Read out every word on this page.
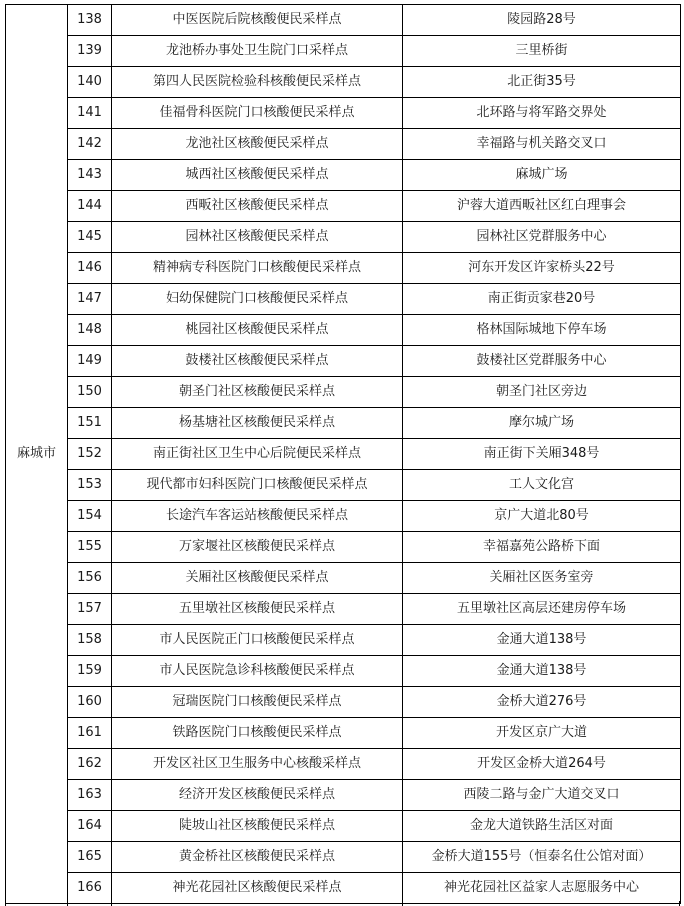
麻城市	138	中医医院后院核酸便民采样点	陵园路28号
	139	龙池桥办事处卫生院门口采样点	三里桥街
	140	第四人民医院检验科核酸便民采样点	北正街35号
	141	佳福骨科医院门口核酸便民采样点	北环路与将军路交界处
	142	龙池社区核酸便民采样点	幸福路与机关路交叉口
	143	城西社区核酸便民采样点	麻城广场
	144	西畈社区核酸便民采样点	沪蓉大道西畈社区红白理事会
	145	园林社区核酸便民采样点	园林社区党群服务中心
	146	精神病专科医院门口核酸便民采样点	河东开发区许家桥头22号
	147	妇幼保健院门口核酸便民采样点	南正街贡家巷20号
	148	桃园社区核酸便民采样点	格林国际城地下停车场
	149	鼓楼社区核酸便民采样点	鼓楼社区党群服务中心
	150	朝圣门社区核酸便民采样点	朝圣门社区旁边
	151	杨基塘社区核酸便民采样点	摩尔城广场
	152	南正街社区卫生中心后院便民采样点	南正街下关厢348号
	153	现代都市妇科医院门口核酸便民采样点	工人文化宫
	154	长途汽车客运站核酸便民采样点	京广大道北80号
	155	万家堰社区核酸便民采样点	幸福嘉苑公路桥下面
	156	关厢社区核酸便民采样点	关厢社区医务室旁
	157	五里墩社区核酸便民采样点	五里墩社区高层还建房停车场
	158	市人民医院正门口核酸便民采样点	金通大道138号
	159	市人民医院急诊科核酸便民采样点	金通大道138号
	160	冠瑞医院门口核酸便民采样点	金桥大道276号
	161	铁路医院门口核酸便民采样点	开发区京广大道
	162	开发区社区卫生服务中心核酸采样点	开发区金桥大道264号
	163	经济开发区核酸便民采样点	西陵二路与金广大道交叉口
	164	陡坡山社区核酸便民采样点	金龙大道铁路生活区对面
	165	黄金桥社区核酸便民采样点	金桥大道155号（恒泰名仕公馆对面）
	166	神光花园社区核酸便民采样点	神光花园社区益家人志愿服务中心
